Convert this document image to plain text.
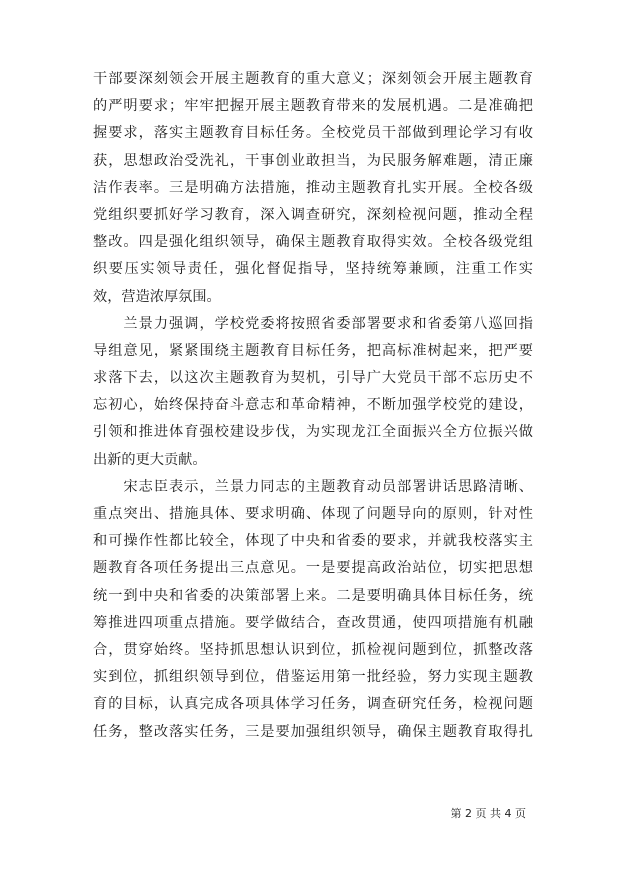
干部要深刻领会开展主题教育的重大意义；深刻领会开展主题教育
的严明要求；牢牢把握开展主题教育带来的发展机遇。二是准确把
握要求，落实主题教育目标任务。全校党员干部做到理论学习有收
获，思想政治受洗礼，干事创业敢担当，为民服务解难题，清正廉
洁作表率。三是明确方法措施，推动主题教育扎实开展。全校各级
党组织要抓好学习教育，深入调查研究，深刻检视问题，推动全程
整改。四是强化组织领导，确保主题教育取得实效。全校各级党组
织要压实领导责任，强化督促指导，坚持统筹兼顾，注重工作实
效，营造浓厚氛围。
　　兰景力强调，学校党委将按照省委部署要求和省委第八巡回指
导组意见，紧紧围绕主题教育目标任务，把高标准树起来，把严要
求落下去，以这次主题教育为契机，引导广大党员干部不忘历史不
忘初心，始终保持奋斗意志和革命精神，不断加强学校党的建设，
引领和推进体育强校建设步伐，为实现龙江全面振兴全方位振兴做
出新的更大贡献。
　　宋志臣表示，兰景力同志的主题教育动员部署讲话思路清晰、
重点突出、措施具体、要求明确、体现了问题导向的原则，针对性
和可操作性都比较全，体现了中央和省委的要求，并就我校落实主
题教育各项任务提出三点意见。一是要提高政治站位，切实把思想
统一到中央和省委的决策部署上来。二是要明确具体目标任务，统
筹推进四项重点措施。要学做结合，查改贯通，使四项措施有机融
合，贯穿始终。坚持抓思想认识到位，抓检视问题到位，抓整改落
实到位，抓组织领导到位，借鉴运用第一批经验，努力实现主题教
育的目标，认真完成各项具体学习任务，调查研究任务，检视问题
任务，整改落实任务，三是要加强组织领导，确保主题教育取得扎
第 2 页 共 4 页
